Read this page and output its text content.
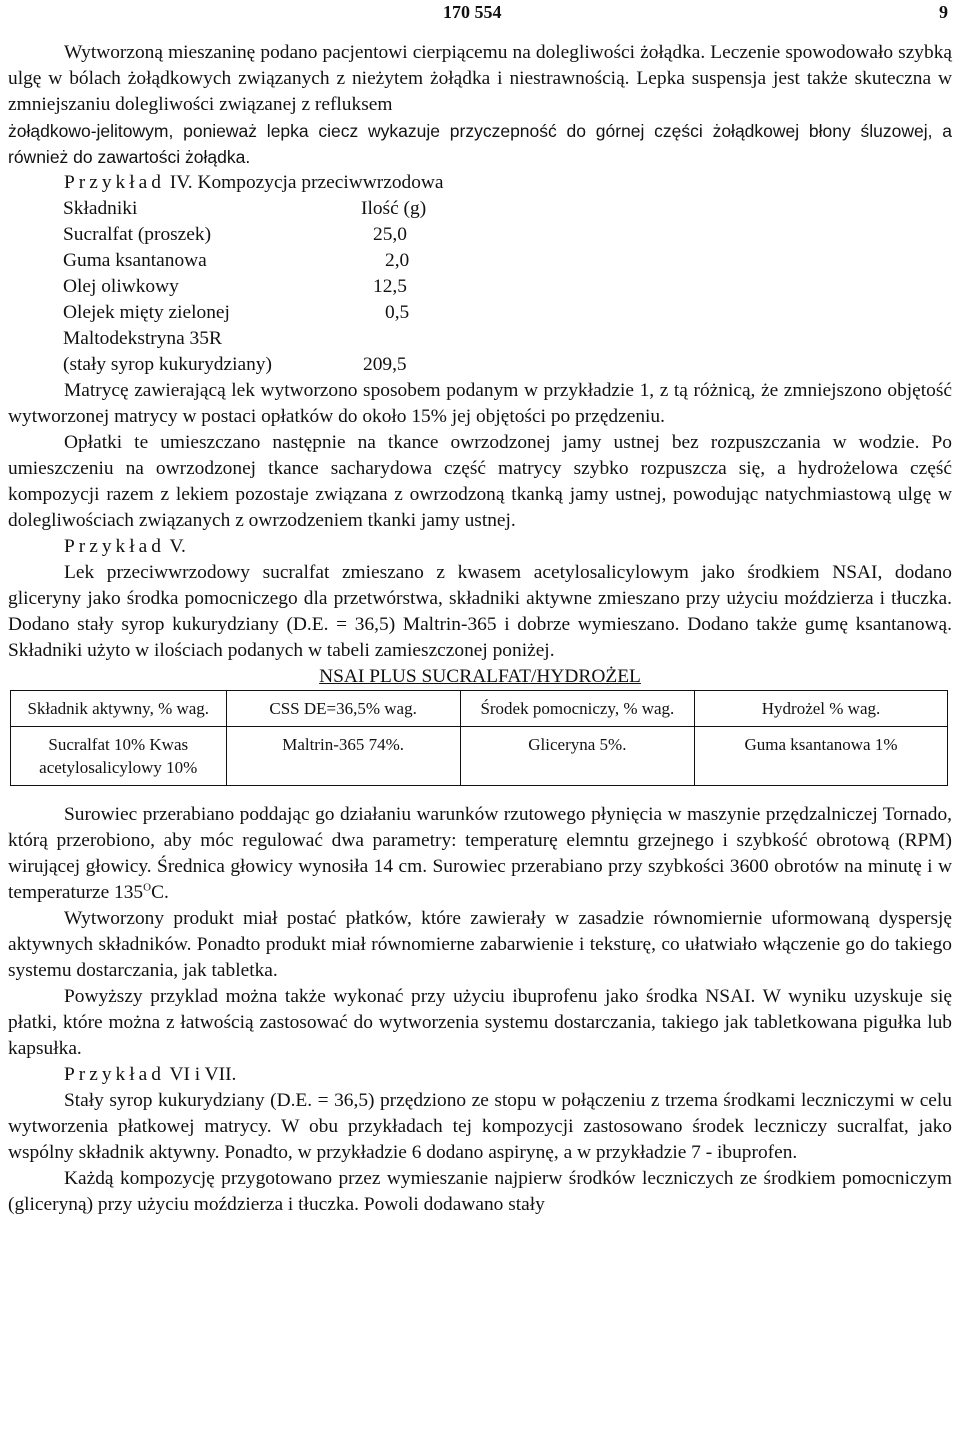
170 554	9

Wytworzoną mieszaninę podano pacjentowi cierpiącemu na dolegliwości żołądka. Leczenie spowodowało szybką ulgę w bólach żołądkowych związanych z nieżytem żołądka i niestrawnością. Lepka suspensja jest także skuteczna w zmniejszaniu dolegliwości związanej z refluksem

żołądkowo-jelitowym, ponieważ lepka ciecz wykazuje przyczepność do górnej części żołądkowej błony śluzowej, a również do zawartości żołądka.

Przykład IV. Kompozycja przeciwwrzodowa

Składniki	Ilość (g)
Sucralfat (proszek)	25,0
Guma ksantanowa	2,0
Olej oliwkowy	12,5
Olejek mięty zielonej	0,5
Maltodekstryna 35R
(stały syrop kukurydziany)	209,5

Matrycę zawierającą lek wytworzono sposobem podanym w przykładzie 1, z tą różnicą, że zmniejszono objętość wytworzonej matrycy w postaci opłatków do około 15% jej objętości po przędzeniu.

Opłatki te umieszczano następnie na tkance owrzodzonej jamy ustnej bez rozpuszczania w wodzie. Po umieszczeniu na owrzodzonej tkance sacharydowa część matrycy szybko rozpuszcza się, a hydrożelowa część kompozycji razem z lekiem pozostaje związana z owrzodzoną tkanką jamy ustnej, powodując natychmiastową ulgę w dolegliwościach związanych z owrzodzeniem tkanki jamy ustnej.

Przykład V.

Lek przeciwwrzodowy sucralfat zmieszano z kwasem acetylosalicylowym jako środkiem NSAI, dodano gliceryny jako środka pomocniczego dla przetwórstwa, składniki aktywne zmieszano przy użyciu moździerza i tłuczka. Dodano stały syrop kukurydziany (D.E. = 36,5) Maltrin-365 i dobrze wymieszano. Dodano także gumę ksantanową. Składniki użyto w ilościach podanych w tabeli zamieszczonej poniżej.

NSAI PLUS SUCRALFAT/HYDROŻEL

Składnik aktywny, % wag.	CSS DE=36,5% wag.	Środek pomocniczy, % wag.	Hydrożel % wag.
Sucralfat 10% Kwas acetylosalicylowy 10%	Maltrin-365 74%.	Gliceryna 5%.	Guma ksantanowa 1%

Surowiec przerabiano poddając go działaniu warunków rzutowego płynięcia w maszynie przędzalniczej Tornado, którą przerobiono, aby móc regulować dwa parametry: temperaturę elemntu grzejnego i szybkość obrotową (RPM) wirującej głowicy. Średnica głowicy wynosiła 14 cm. Surowiec przerabiano przy szybkości 3600 obrotów na minutę i w temperaturze $135^OC$.

Wytworzony produkt miał postać płatków, które zawierały w zasadzie równomiernie uformowaną dyspersję aktywnych składników. Ponadto produkt miał równomierne zabarwienie i teksturę, co ułatwiało włączenie go do takiego systemu dostarczania, jak tabletka.

Powyższy przyklad można także wykonać przy użyciu ibuprofenu jako środka NSAI. W wyniku uzyskuje się płatki, które można z łatwością zastosować do wytworzenia systemu dostarczania, takiego jak tabletkowana pigułka lub kapsułka.

Przykład VI i VII.

Stały syrop kukurydziany (D.E. = 36,5) przędziono ze stopu w połączeniu z trzema środkami leczniczymi w celu wytworzenia płatkowej matrycy. W obu przykładach tej kompozycji zastosowano środek leczniczy sucralfat, jako wspólny składnik aktywny. Ponadto, w przykładzie 6 dodano aspirynę, a w przykładzie 7 - ibuprofen.

Każdą kompozycję przygotowano przez wymieszanie najpierw środków leczniczych ze środkiem pomocniczym (gliceryną) przy użyciu moździerza i tłuczka. Powoli dodawano stały
